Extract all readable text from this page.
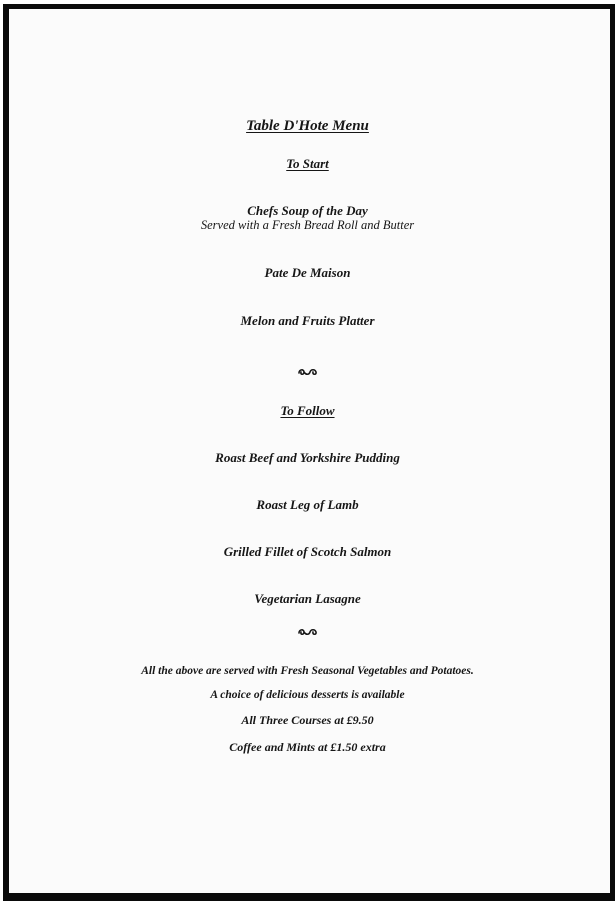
Table D'Hote Menu
To Start
Chefs Soup of the Day
Served with a Fresh Bread Roll and Butter
Pate De Maison
Melon and Fruits Platter
To Follow
Roast Beef and Yorkshire Pudding
Roast Leg of Lamb
Grilled Fillet of Scotch Salmon
Vegetarian Lasagne
All the above are served with Fresh Seasonal Vegetables and Potatoes.
A choice of delicious desserts is available
All Three Courses at £9.50
Coffee and Mints at £1.50 extra
